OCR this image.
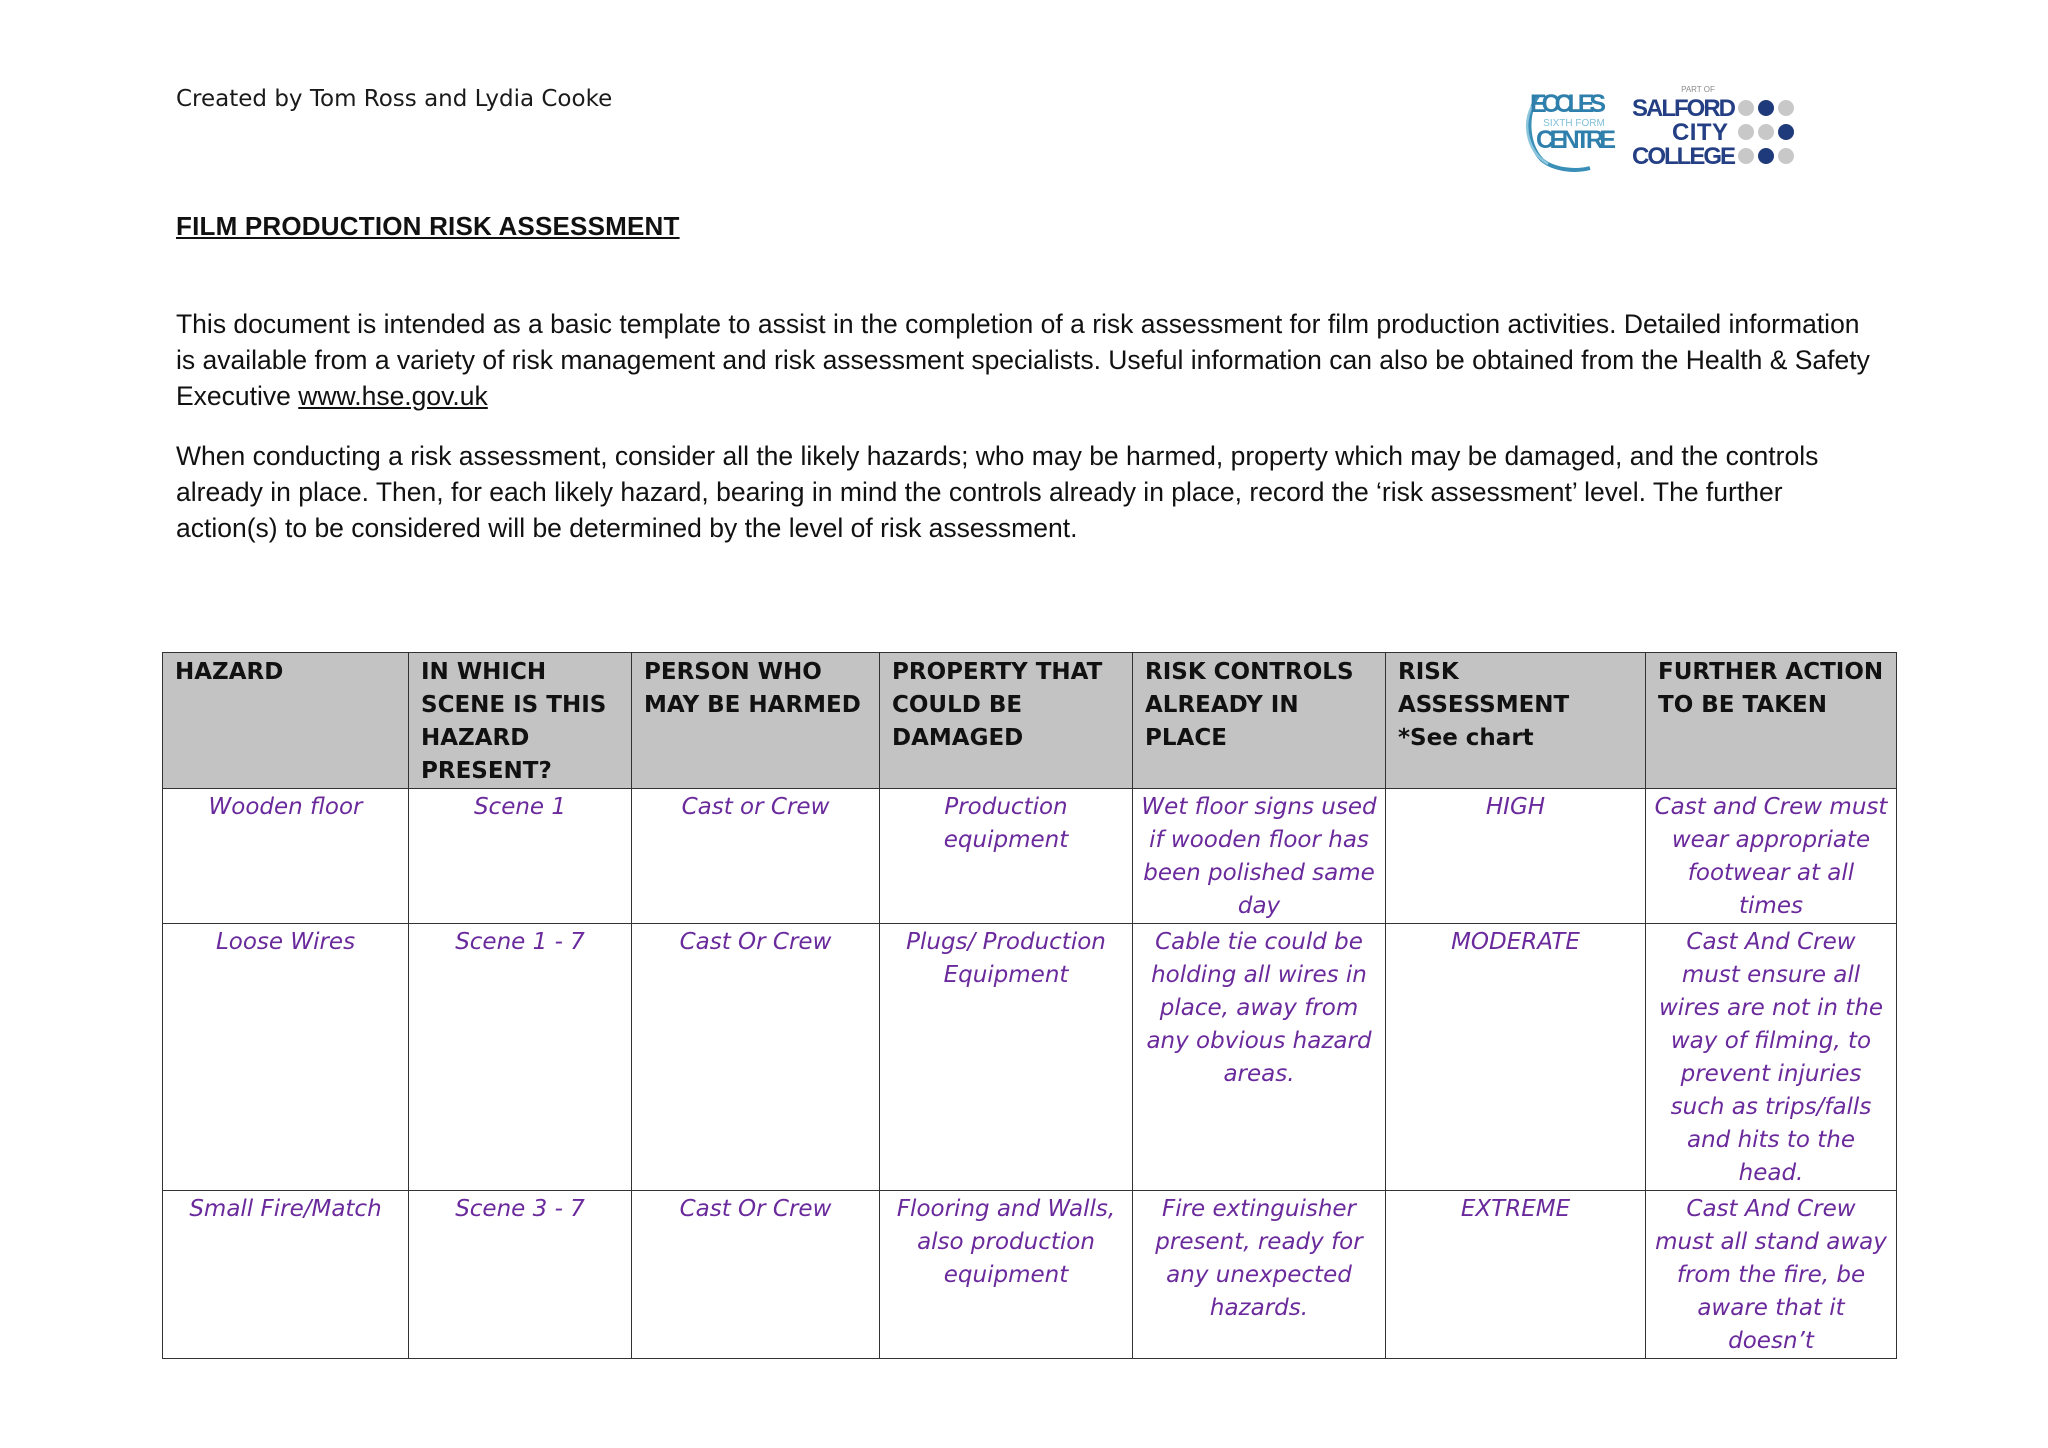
Created by Tom Ross and Lydia Cooke	ECCLES
SIXTH FORM
CENTRE
PART OF
SALFORD
CITY
COLLEGE
FILM PRODUCTION RISK ASSESSMENT

This document is intended as a basic template to assist in the completion of a risk assessment for film production activities. Detailed information is available from a variety of risk management and risk assessment specialists. Useful information can also be obtained from the Health & Safety Executive www.hse.gov.uk

When conducting a risk assessment, consider all the likely hazards; who may be harmed, property which may be damaged, and the controls already in place. Then, for each likely hazard, bearing in mind the controls already in place, record the ‘risk assessment’ level. The further action(s) to be considered will be determined by the level of risk assessment.

HAZARD	IN WHICH SCENE IS THIS HAZARD PRESENT?	PERSON WHO MAY BE HARMED	PROPERTY THAT COULD BE DAMAGED	RISK CONTROLS ALREADY IN PLACE	RISK ASSESSMENT *See chart	FURTHER ACTION TO BE TAKEN
Wooden floor	Scene 1	Cast or Crew	Production equipment	Wet floor signs used if wooden floor has been polished same day	HIGH	Cast and Crew must wear appropriate footwear at all times
Loose Wires	Scene 1 - 7	Cast Or Crew	Plugs/ Production Equipment	Cable tie could be holding all wires in place, away from any obvious hazard areas.	MODERATE	Cast And Crew must ensure all wires are not in the way of filming, to prevent injuries such as trips/falls and hits to the head.
Small Fire/Match	Scene 3 - 7	Cast Or Crew	Flooring and Walls, also production equipment	Fire extinguisher present, ready for any unexpected hazards.	EXTREME	Cast And Crew must all stand away from the fire, be aware that it doesn’t
